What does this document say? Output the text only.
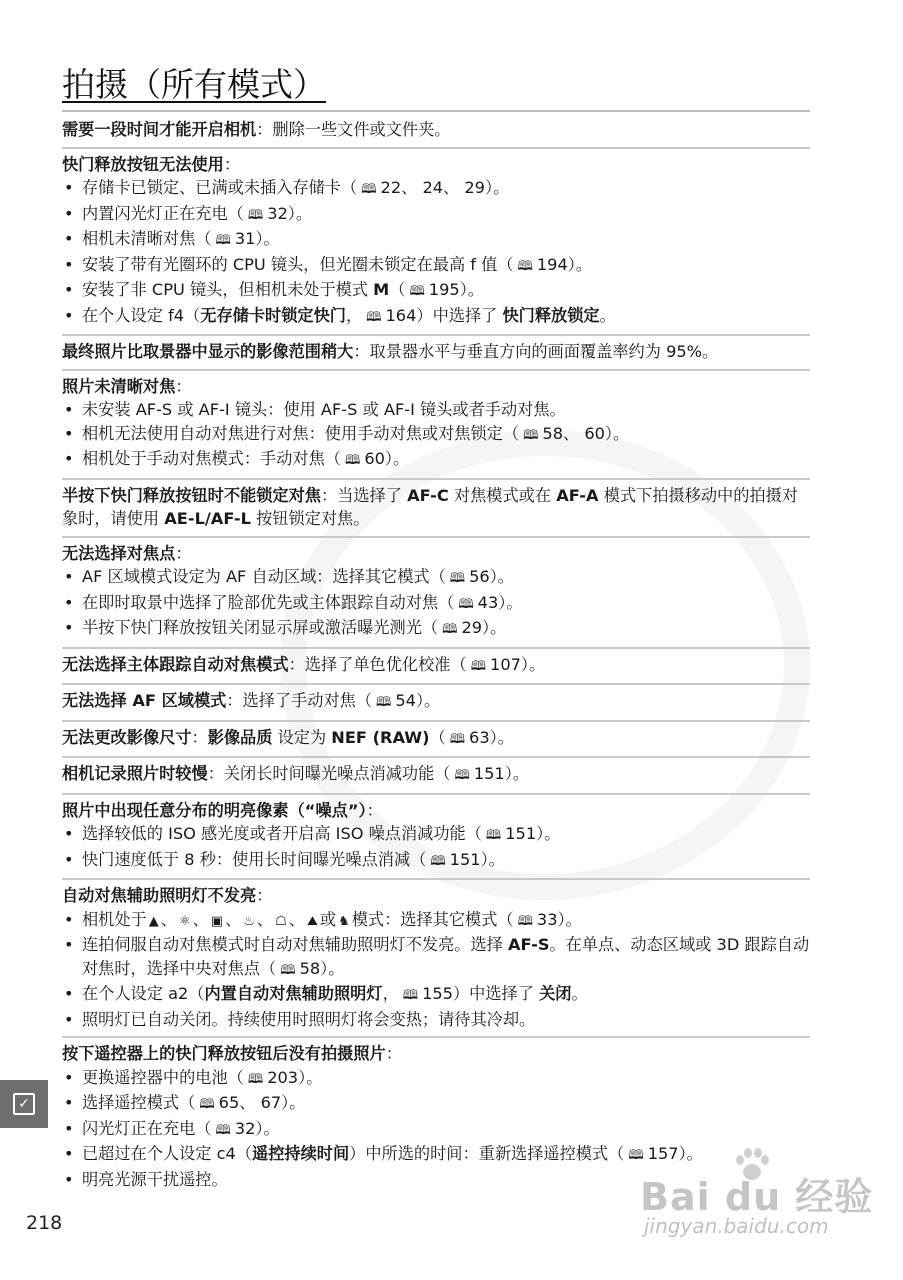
拍摄（所有模式）

需要一段时间才能开启相机：删除一些文件或文件夹。

快门释放按钮无法使用：

• 存储卡已锁定、已满或未插入存储卡（ 🕮 22、 24、 29）。
• 内置闪光灯正在充电（ 🕮 32）。
• 相机未清晰对焦（ 🕮 31）。
• 安装了带有光圈环的 CPU 镜头，但光圈未锁定在最高 f 值（ 🕮 194）。
• 安装了非 CPU 镜头，但相机未处于模式 M（ 🕮 195）。
• 在个人设定 f4（无存储卡时锁定快门， 🕮 164）中选择了 快门释放锁定。

最终照片比取景器中显示的影像范围稍大：取景器水平与垂直方向的画面覆盖率约为 95%。

照片未清晰对焦：

• 未安装 AF-S 或 AF-I 镜头：使用 AF-S 或 AF-I 镜头或者手动对焦。
• 相机无法使用自动对焦进行对焦：使用手动对焦或对焦锁定（ 🕮 58、 60）。
• 相机处于手动对焦模式：手动对焦（ 🕮 60）。

半按下快门释放按钮时不能锁定对焦：当选择了 AF-C 对焦模式或在 AF-A 模式下拍摄移动中的拍摄对象时，请使用 AE-L/AF-L 按钮锁定对焦。

无法选择对焦点：

• AF 区域模式设定为 AF 自动区域：选择其它模式（ 🕮 56）。
• 在即时取景中选择了脸部优先或主体跟踪自动对焦（ 🕮 43）。
• 半按下快门释放按钮关闭显示屏或激活曝光测光（ 🕮 29）。

无法选择主体跟踪自动对焦模式：选择了单色优化校准（ 🕮 107）。

无法选择 AF 区域模式：选择了手动对焦（ 🕮 54）。

无法更改影像尺寸：影像品质 设定为 NEF (RAW)（ 🕮 63）。

相机记录照片时较慢：关闭长时间曝光噪点消减功能（ 🕮 151）。

照片中出现任意分布的明亮像素（“噪点”）：

• 选择较低的 ISO 感光度或者开启高 ISO 噪点消减功能（ 🕮 151）。
• 快门速度低于 8 秒：使用长时间曝光噪点消减（ 🕮 151）。

自动对焦辅助照明灯不发亮：

• 相机处于 ▲ 、 ⚛ 、 ▣ 、 ♨ 、 ☖ 、 ⛰ 或 ♞ 模式：选择其它模式（ 🕮 33）。
• 连拍伺服自动对焦模式时自动对焦辅助照明灯不发亮。选择 AF-S。在单点、动态区域或 3D 跟踪自动对焦时，选择中央对焦点（ 🕮 58）。
• 在个人设定 a2（内置自动对焦辅助照明灯， 🕮 155）中选择了 关闭。
• 照明灯已自动关闭。持续使用时照明灯将会变热；请待其冷却。

按下遥控器上的快门释放按钮后没有拍摄照片：

• 更换遥控器中的电池（ 🕮 203）。
• 选择遥控模式（ 🕮 65、 67）。
• 闪光灯正在充电（ 🕮 32）。
• 已超过在个人设定 c4（遥控持续时间）中所选的时间：重新选择遥控模式（ 🕮 157）。
• 明亮光源干扰遥控。
✓
218
Bai du 经验
jingyan.baidu.com
